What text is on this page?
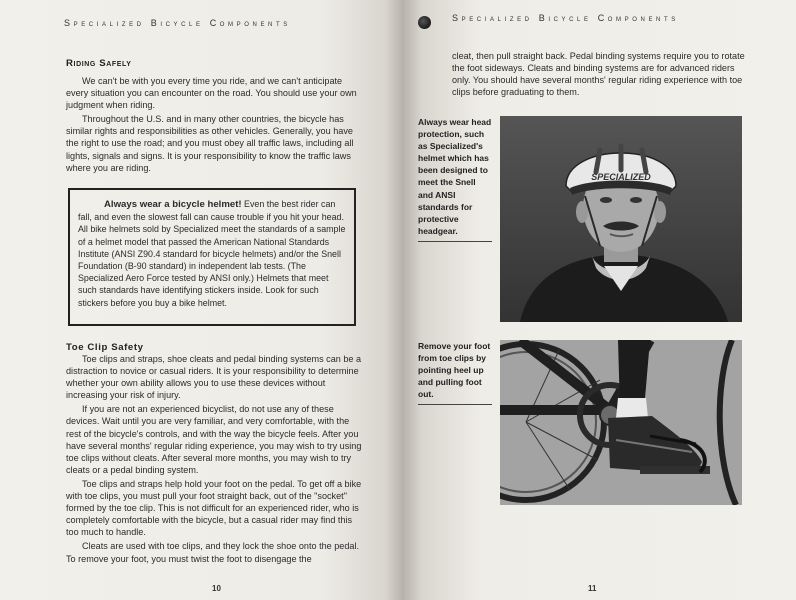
Specialized Bicycle Components
Riding Safely

We can't be with you every time you ride, and we can't anticipate every situation you can encounter on the road. You should use your own judgment when riding.

Throughout the U.S. and in many other countries, the bicycle has similar rights and responsibilities as other vehicles. Generally, you have the right to use the road; and you must obey all traffic laws, including all lights, signals and signs. It is your responsibility to know the traffic laws where you are riding.

Always wear a bicycle helmet! Even the best rider can fall, and even the slowest fall can cause trouble if you hit your head. All bike helmets sold by Specialized meet the standards of a sample of a helmet model that passed the American National Standards Institute (ANSI Z90.4 standard for bicycle helmets) and/or the Snell Foundation (B-90 standard) in independent lab tests. (The Specialized Aero Force tested by ANSI only.) Helmets that meet such standards have identifying stickers inside. Look for such stickers before you buy a bike helmet.
Toe Clip Safety

Toe clips and straps, shoe cleats and pedal binding systems can be a distraction to novice or casual riders. It is your responsibility to determine whether your own ability allows you to use these devices without increasing your risk of injury.

If you are not an experienced bicyclist, do not use any of these devices. Wait until you are very familiar, and very comfortable, with the rest of the bicycle's controls, and with the way the bicycle feels. After you have several months' regular riding experience, you may wish to try using toe clips without cleats. After several more months, you may wish to try cleats or a pedal binding system.

Toe clips and straps help hold your foot on the pedal. To get off a bike with toe clips, you must pull your foot straight back, out of the "socket" formed by the toe clip. This is not difficult for an experienced rider, who is completely comfortable with the bicycle, but a casual rider may find this too much to handle.

Cleats are used with toe clips, and they lock the shoe onto the pedal. To remove your foot, you must twist the foot to disengage the

10
Specialized Bicycle Components

cleat, then pull straight back. Pedal binding systems require you to rotate the foot sideways. Cleats and binding systems are for advanced riders only. You should have several months' regular riding experience with toe clips before graduating to them.

Always wear head protection, such as Specialized's helmet which has been designed to meet the Snell and ANSI standards for protective headgear.
SPECIALIZED
Remove your foot from toe clips by pointing heel up and pulling foot out.
11
